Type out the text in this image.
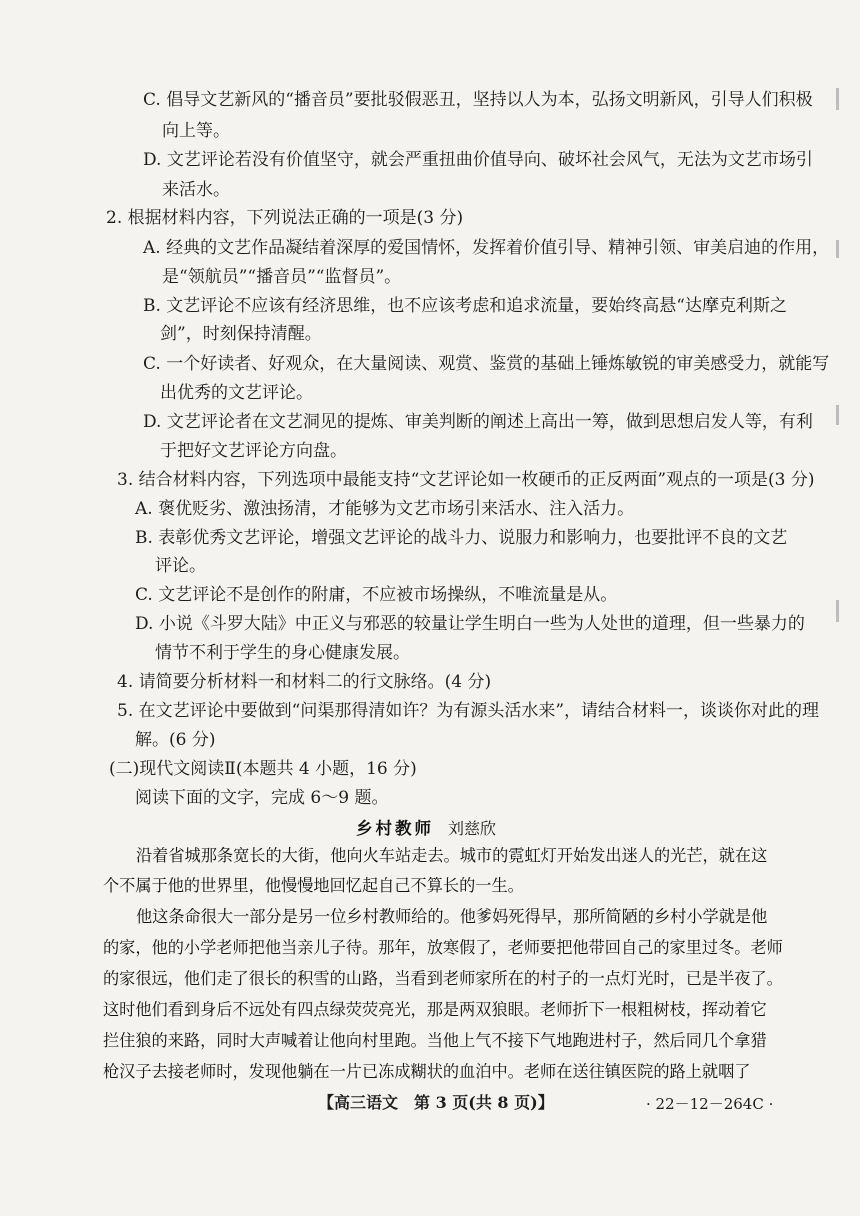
C. 倡导文艺新风的“播音员”要批驳假恶丑，坚持以人为本，弘扬文明新风，引导人们积极
向上等。
D. 文艺评论若没有价值坚守，就会严重扭曲价值导向、破坏社会风气，无法为文艺市场引
来活水。
2. 根据材料内容，下列说法正确的一项是(3 分)
A. 经典的文艺作品凝结着深厚的爱国情怀，发挥着价值引导、精神引领、审美启迪的作用，
是“领航员”“播音员”“监督员”。
B. 文艺评论不应该有经济思维，也不应该考虑和追求流量，要始终高悬“达摩克利斯之
剑”，时刻保持清醒。
C. 一个好读者、好观众，在大量阅读、观赏、鉴赏的基础上锤炼敏锐的审美感受力，就能写
出优秀的文艺评论。
D. 文艺评论者在文艺洞见的提炼、审美判断的阐述上高出一筹，做到思想启发人等，有利
于把好文艺评论方向盘。
3. 结合材料内容，下列选项中最能支持“文艺评论如一枚硬币的正反两面”观点的一项是(3 分)
A. 褒优贬劣、激浊扬清，才能够为文艺市场引来活水、注入活力。
B. 表彰优秀文艺评论，增强文艺评论的战斗力、说服力和影响力，也要批评不良的文艺
评论。
C. 文艺评论不是创作的附庸，不应被市场操纵，不唯流量是从。
D. 小说《斗罗大陆》中正义与邪恶的较量让学生明白一些为人处世的道理，但一些暴力的
情节不利于学生的身心健康发展。
4. 请简要分析材料一和材料二的行文脉络。(4 分)
5. 在文艺评论中要做到“问渠那得清如许？为有源头活水来”，请结合材料一，谈谈你对此的理
解。(6 分)
(二)现代文阅读Ⅱ(本题共 4 小题，16 分)
阅读下面的文字，完成 6～9 题。
乡村教师 刘慈欣
沿着省城那条宽长的大街，他向火车站走去。城市的霓虹灯开始发出迷人的光芒，就在这
个不属于他的世界里，他慢慢地回忆起自己不算长的一生。
他这条命很大一部分是另一位乡村教师给的。他爹妈死得早，那所简陋的乡村小学就是他
的家，他的小学老师把他当亲儿子待。那年，放寒假了，老师要把他带回自己的家里过冬。老师
的家很远，他们走了很长的积雪的山路，当看到老师家所在的村子的一点灯光时，已是半夜了。
这时他们看到身后不远处有四点绿荧荧亮光，那是两双狼眼。老师折下一根粗树枝，挥动着它
拦住狼的来路，同时大声喊着让他向村里跑。当他上气不接下气地跑进村子，然后同几个拿猎
枪汉子去接老师时，发现他躺在一片已冻成糊状的血泊中。老师在送往镇医院的路上就咽了
【高三语文　第 3 页(共 8 页)】	· 22－12－264C ·
